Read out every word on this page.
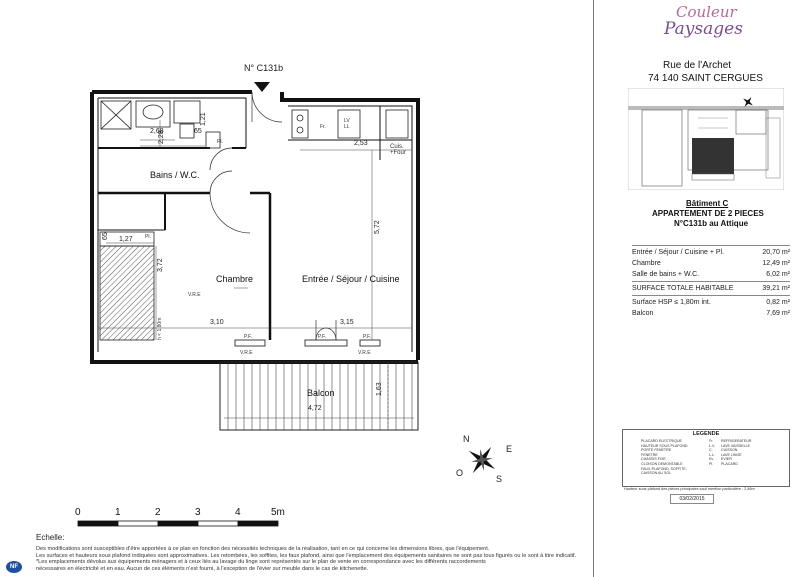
N° C131b
Bains / W.C.
Chambre	Entrée / Séjour / Cuisine
Balcon
2,68
2,28
1,21
65
Pl.	2,53
5,72
65 1,27 Pl.
3,72
h < 1,80m	3,10	3,15
1,63
4,72
Fr.
LV
LL
Cuis.
+Four
V.R.E
V.R.E	V.R.E
P.F.	P.F.	P.F.
N
S
E
O
0	1	2	3	4	5m
Echelle:
Des modifications sont susceptibles d'être apportées à ce plan en fonction des nécessités techniques de la réalisation, tant en ce qui concerne les dimensions libres, que l'équipement.
Les surfaces et hauteurs sous plafond indiquées sont approximatives. Les retombées, les soffites, les faux plafond, ainsi que l'emplacement des équipements sanitaires ne sont pas tous figurés ou le sont à titre indicatif.
*Les emplacements dévolus aux équipements ménagers et à ceux liés au lavage du linge sont représentés sur le plan de vente en correspondance avec les différents raccordements
nécessaires en électricité et en eau. Aucun de ces éléments n'est fourni, à l'exception de l'évier sur meuble dans le cas de kitchenette.
NF
Couleur
Paysages
Rue de l'Archet
74 140 SAINT CERGUES
Bâtiment C
APPARTEMENT DE 2 PIECES
N°C131b au Attique
Entrée / Séjour / Cuisine + Pl.	20,70 m²
Chambre	12,49 m²
Salle de bains + W.C.	6,02 m²
SURFACE TOTALE HABITABLE	39,21 m²
Surface HSP ≤ 1,80m int.	0,82 m²
Balcon	7,69 m²
LEGENDE
PLACARD ELECTRIQUE
HAUTEUR SOUS PLAFOND
PORTE FENETRE
FENETRE
CHASSIS FIXE
CLOISON DEMONTABLE
FAUX-PLAFOND, SOFFITE,
CAISSON AU SOL
Fr. REFRIGERATEUR
L.V. LAVE VAISSELLE
C. CUISSON
L.L. LAVE LINGE
Ev. EVIER
Pl. PLACARD
Hauteur sous plafond des pièces principales sauf mention particulière : 2,46m
03/02/2015
